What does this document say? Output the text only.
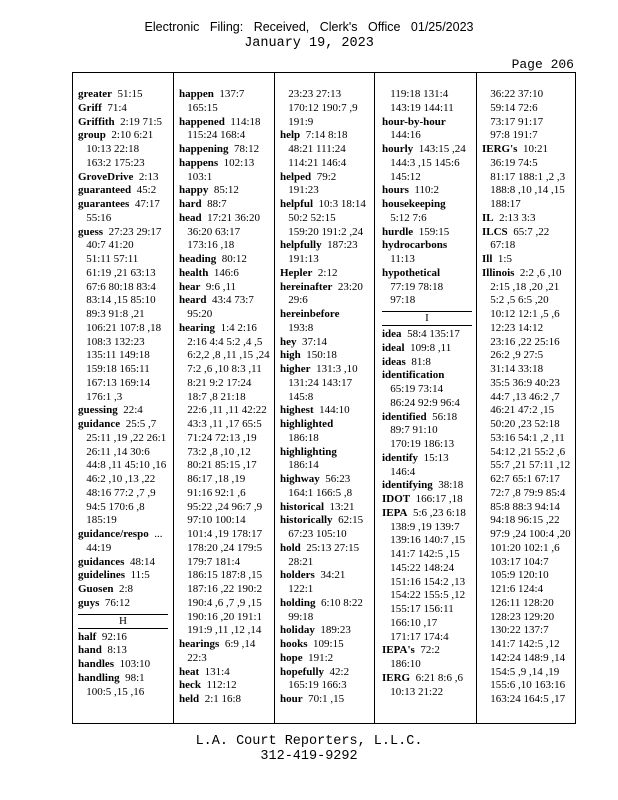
Electronic Filing: Received, Clerk's Office 01/25/2023
January 19, 2023
Page 206
greater  51:15
Griff  71:4
Griffith  2:19 71:5
group  2:10 6:21
10:13 22:18
163:2 175:23
GroveDrive  2:13
guaranteed  45:2
guarantees  47:17
55:16
guess  27:23 29:17
40:7 41:20
51:11 57:11
61:19 ,21 63:13
67:6 80:18 83:4
83:14 ,15 85:10
89:3 91:8 ,21
106:21 107:8 ,18
108:3 132:23
135:11 149:18
159:18 165:11
167:13 169:14
176:1 ,3
guessing  22:4
guidance  25:5 ,7
25:11 ,19 ,22 26:1
26:11 ,14 30:6
44:8 ,11 45:10 ,16
46:2 ,10 ,13 ,22
48:16 77:2 ,7 ,9
94:5 170:6 ,8
185:19
guidance/respo  ...
44:19
guidances  48:14
guidelines  11:5
Guosen  2:8
guys  76:12
H
half  92:16
hand  8:13
handles  103:10
handling  98:1
100:5 ,15 ,16
happen  137:7
165:15
happened  114:18
115:24 168:4
happening  78:12
happens  102:13
103:1
happy  85:12
hard  88:7
head  17:21 36:20
36:20 63:17
173:16 ,18
heading  80:12
health  146:6
hear  9:6 ,11
heard  43:4 73:7
95:20
hearing  1:4 2:16
2:16 4:4 5:2 ,4 ,5
6:2,2 ,8 ,11 ,15 ,24
7:2 ,6 ,10 8:3 ,11
8:21 9:2 17:24
18:7 ,8 21:18
22:6 ,11 ,11 42:22
43:3 ,11 ,17 65:5
71:24 72:13 ,19
73:2 ,8 ,10 ,12
80:21 85:15 ,17
86:17 ,18 ,19
91:16 92:1 ,6
95:22 ,24 96:7 ,9
97:10 100:14
101:4 ,19 178:17
178:20 ,24 179:5
179:7 181:4
186:15 187:8 ,15
187:16 ,22 190:2
190:4 ,6 ,7 ,9 ,15
190:16 ,20 191:1
191:9 ,11 ,12 ,14
hearings  6:9 ,14
22:3
heat  131:4
heck  112:12
held  2:1 16:8
23:23 27:13
170:12 190:7 ,9
191:9
help  7:14 8:18
48:21 111:24
114:21 146:4
helped  79:2
191:23
helpful  10:3 18:14
50:2 52:15
159:20 191:2 ,24
helpfully  187:23
191:13
Hepler  2:12
hereinafter  23:20
29:6
hereinbefore
193:8
hey  37:14
high  150:18
higher  131:3 ,10
131:24 143:17
145:8
highest  144:10
highlighted
186:18
highlighting
186:14
highway  56:23
164:1 166:5 ,8
historical  13:21
historically  62:15
67:23 105:10
hold  25:13 27:15
28:21
holders  34:21
122:1
holding  6:10 8:22
99:18
holiday  189:23
hooks  109:15
hope  191:2
hopefully  42:2
165:19 166:3
hour  70:1 ,15
119:18 131:4
143:19 144:11
hour-by-hour
144:16
hourly  143:15 ,24
144:3 ,15 145:6
145:12
hours  110:2
housekeeping
5:12 7:6
hurdle  159:15
hydrocarbons
11:13
hypothetical
77:19 78:18
97:18
I
idea  58:4 135:17
ideal  109:8 ,11
ideas  81:8
identification
65:19 73:14
86:24 92:9 96:4
identified  56:18
89:7 91:10
170:19 186:13
identify  15:13
146:4
identifying  38:18
IDOT  166:17 ,18
IEPA  5:6 ,23 6:18
138:9 ,19 139:7
139:16 140:7 ,15
141:7 142:5 ,15
145:22 148:24
151:16 154:2 ,13
154:22 155:5 ,12
155:17 156:11
166:10 ,17
171:17 174:4
IEPA's  72:2
186:10
IERG  6:21 8:6 ,6
10:13 21:22
36:22 37:10
59:14 72:6
73:17 91:17
97:8 191:7
IERG's  10:21
36:19 74:5
81:17 188:1 ,2 ,3
188:8 ,10 ,14 ,15
188:17
IL  2:13 3:3
ILCS  65:7 ,22
67:18
Ill  1:5
Illinois  2:2 ,6 ,10
2:15 ,18 ,20 ,21
5:2 ,5 6:5 ,20
10:12 12:1 ,5 ,6
12:23 14:12
23:16 ,22 25:16
26:2 ,9 27:5
31:14 33:18
35:5 36:9 40:23
44:7 ,13 46:2 ,7
46:21 47:2 ,15
50:20 ,23 52:18
53:16 54:1 ,2 ,11
54:12 ,21 55:2 ,6
55:7 ,21 57:11 ,12
62:7 65:1 67:17
72:7 ,8 79:9 85:4
85:8 88:3 94:14
94:18 96:15 ,22
97:9 ,24 100:4 ,20
101:20 102:1 ,6
103:17 104:7
105:9 120:10
121:6 124:4
126:11 128:20
128:23 129:20
130:22 137:7
141:7 142:5 ,12
142:24 148:9 ,14
154:5 ,9 ,14 ,19
155:6 ,10 163:16
163:24 164:5 ,17
L.A. Court Reporters, L.L.C.
312-419-9292
